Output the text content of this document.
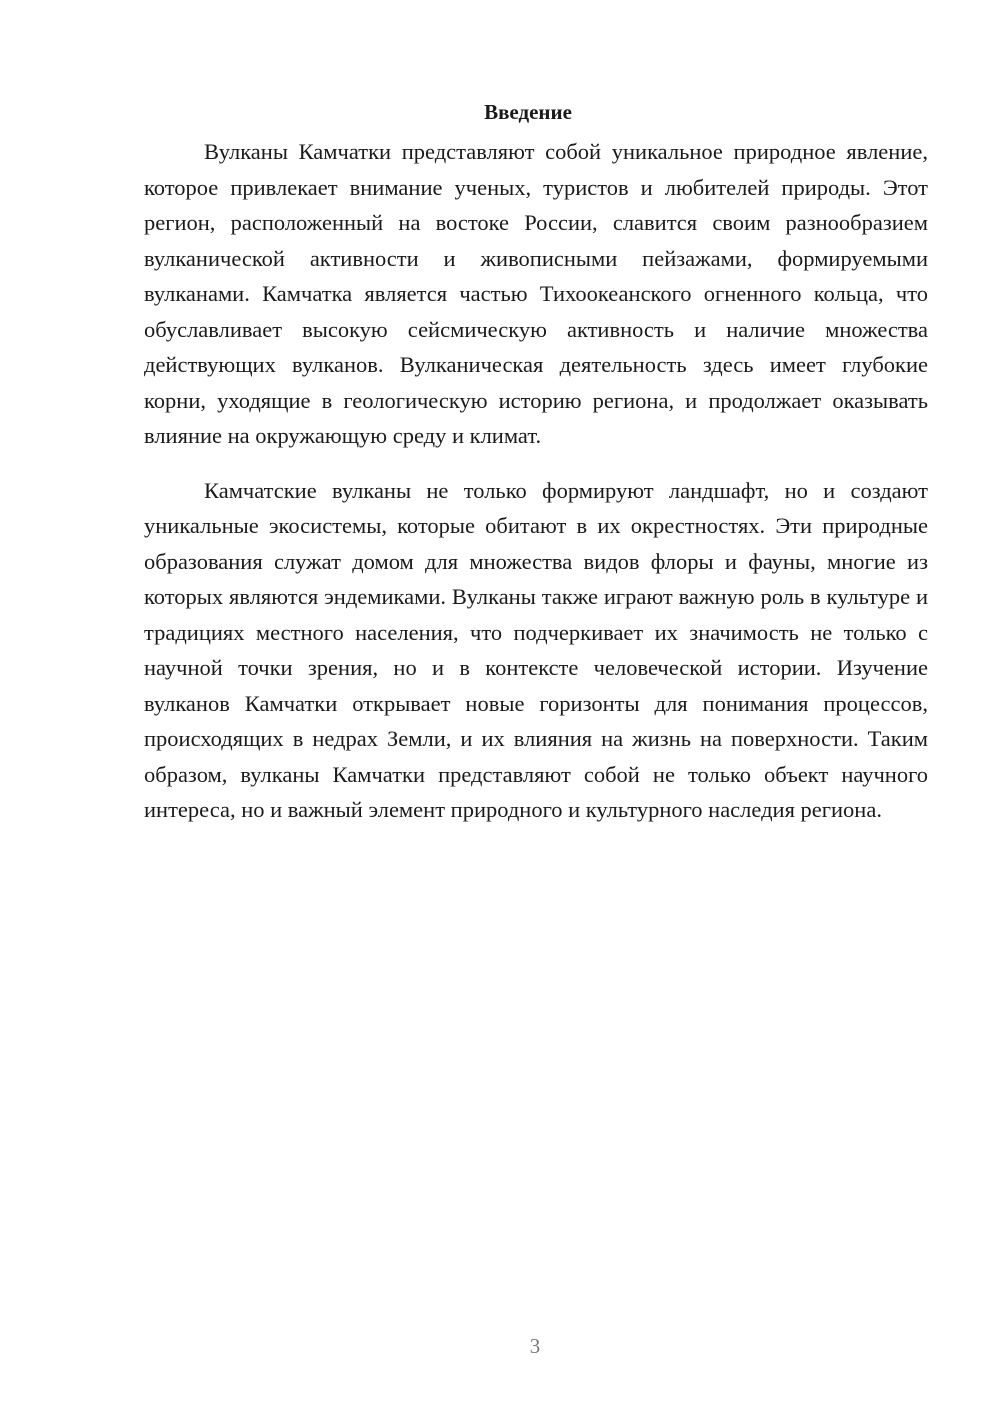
Введение

Вулканы Камчатки представляют собой уникальное природное явление, которое привлекает внимание ученых, туристов и любителей природы. Этот регион, расположенный на востоке России, славится своим разнообразием вулканической активности и живописными пейзажами, формируемыми вулканами. Камчатка является частью Тихоокеанского огненного кольца, что обуславливает высокую сейсмическую активность и наличие множества действующих вулканов. Вулканическая деятельность здесь имеет глубокие корни, уходящие в геологическую историю региона, и продолжает оказывать влияние на окружающую среду и климат.

Камчатские вулканы не только формируют ландшафт, но и создают уникальные экосистемы, которые обитают в их окрестностях. Эти природные образования служат домом для множества видов флоры и фауны, многие из которых являются эндемиками. Вулканы также играют важную роль в культуре и традициях местного населения, что подчеркивает их значимость не только с научной точки зрения, но и в контексте человеческой истории. Изучение вулканов Камчатки открывает новые горизонты для понимания процессов, происходящих в недрах Земли, и их влияния на жизнь на поверхности. Таким образом, вулканы Камчатки представляют собой не только объект научного интереса, но и важный элемент природного и культурного наследия региона.

3
